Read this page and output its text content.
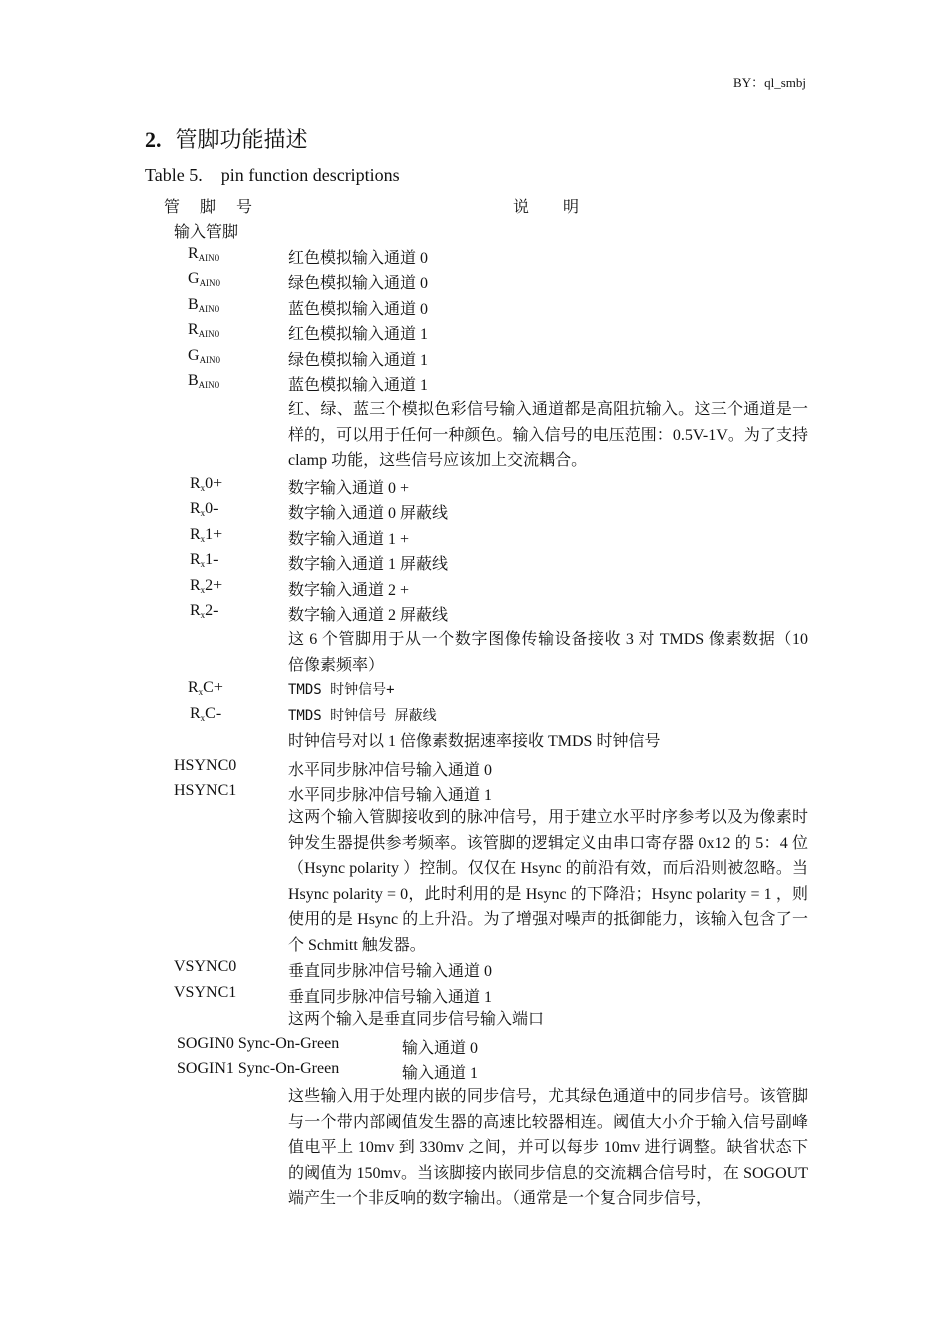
BY：ql_smbj
2. 管脚功能描述
Table 5. pin function descriptions
管脚号	说明
输入管脚
$R_{AIN0}$	红色模拟输入通道 0
$G_{AIN0}$	绿色模拟输入通道 0
$B_{AIN0}$	蓝色模拟输入通道 0
$R_{AIN0}$	红色模拟输入通道 1
$G_{AIN0}$	绿色模拟输入通道 1
$B_{AIN0}$	蓝色模拟输入通道 1
红、绿、蓝三个模拟色彩信号输入通道都是高阻抗输入。这三个通道是一样的，可以用于任何一种颜色。输入信号的电压范围：0.5V-1V。为了支持 clamp 功能，这些信号应该加上交流耦合。
$R_x0+$	数字输入通道 0 +
$R_x0-$	数字输入通道 0 屏蔽线
$R_x1+$	数字输入通道 1 +
$R_x1-$	数字输入通道 1 屏蔽线
$R_x2+$	数字输入通道 2 +
$R_x2-$	数字输入通道 2 屏蔽线
这 6 个管脚用于从一个数字图像传输设备接收 3 对 TMDS 像素数据（10 倍像素频率）
$R_xC+$	TMDS 时钟信号+
$R_xC-$	TMDS 时钟信号 屏蔽线
时钟信号对以 1 倍像素数据速率接收 TMDS 时钟信号
HSYNC0	水平同步脉冲信号输入通道 0
HSYNC1	水平同步脉冲信号输入通道 1
这两个输入管脚接收到的脉冲信号，用于建立水平时序参考以及为像素时钟发生器提供参考频率。该管脚的逻辑定义由串口寄存器 0x12 的 5：4 位（Hsync polarity ）控制。仅仅在 Hsync 的前沿有效，而后沿则被忽略。当 Hsync polarity = 0，此时利用的是 Hsync 的下降沿；Hsync polarity = 1 ，则使用的是 Hsync 的上升沿。为了增强对噪声的抵御能力，该输入包含了一个 Schmitt 触发器。
VSYNC0	垂直同步脉冲信号输入通道 0
VSYNC1	垂直同步脉冲信号输入通道 1
这两个输入是垂直同步信号输入端口
SOGIN0 Sync-On-Green	输入通道 0
SOGIN1 Sync-On-Green	输入通道 1
这些输入用于处理内嵌的同步信号，尤其绿色通道中的同步信号。该管脚与一个带内部阈值发生器的高速比较器相连。阈值大小介于输入信号副峰值电平上 10mv 到 330mv 之间，并可以每步 10mv 进行调整。缺省状态下的阈值为 150mv。当该脚接内嵌同步信息的交流耦合信号时，在 SOGOUT 端产生一个非反响的数字输出。（通常是一个复合同步信号，
